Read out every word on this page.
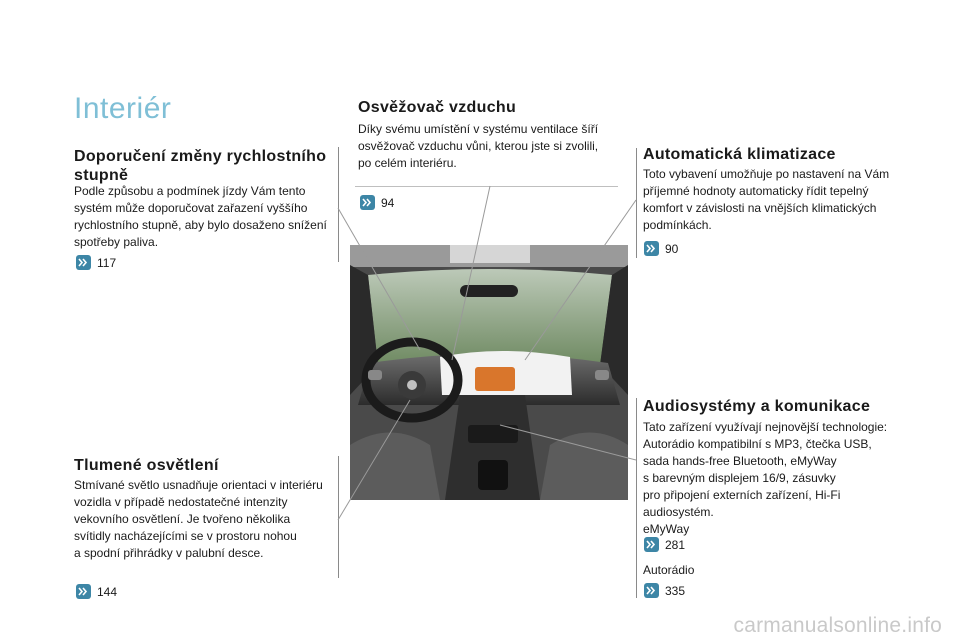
Interiér
Doporučení změny rychlostního stupně
Podle způsobu a podmínek jízdy Vám tento
systém může doporučovat zařazení vyššího
rychlostního stupně, aby bylo dosaženo snížení
spotřeby paliva.
117
Tlumené osvětlení
Stmívané světlo usnadňuje orientaci v interiéru
vozidla v případě nedostatečné intenzity
vekovního osvětlení. Je tvořeno několika
svítidly nacházejícími se v prostoru nohou
a spodní přihrádky v palubní desce.
144
Osvěžovač vzduchu
Díky svému umístění v systému ventilace šíří
osvěžovač vzduchu vůni, kterou jste si zvolili,
po celém interiéru.
94
Automatická klimatizace
Toto vybavení umožňuje po nastavení na Vám
příjemné hodnoty automaticky řídit tepelný
komfort v závislosti na vnějších klimatických
podmínkách.
90
Audiosystémy a komunikace
Tato zařízení využívají nejnovější technologie:
Autorádio kompatibilní s MP3, čtečka USB,
sada hands-free Bluetooth, eMyWay
s barevným displejem 16/9, zásuvky
pro připojení externích zařízení, Hi-Fi
audiosystém.
eMyWay
281
Autorádio
335
carmanualsonline.info
